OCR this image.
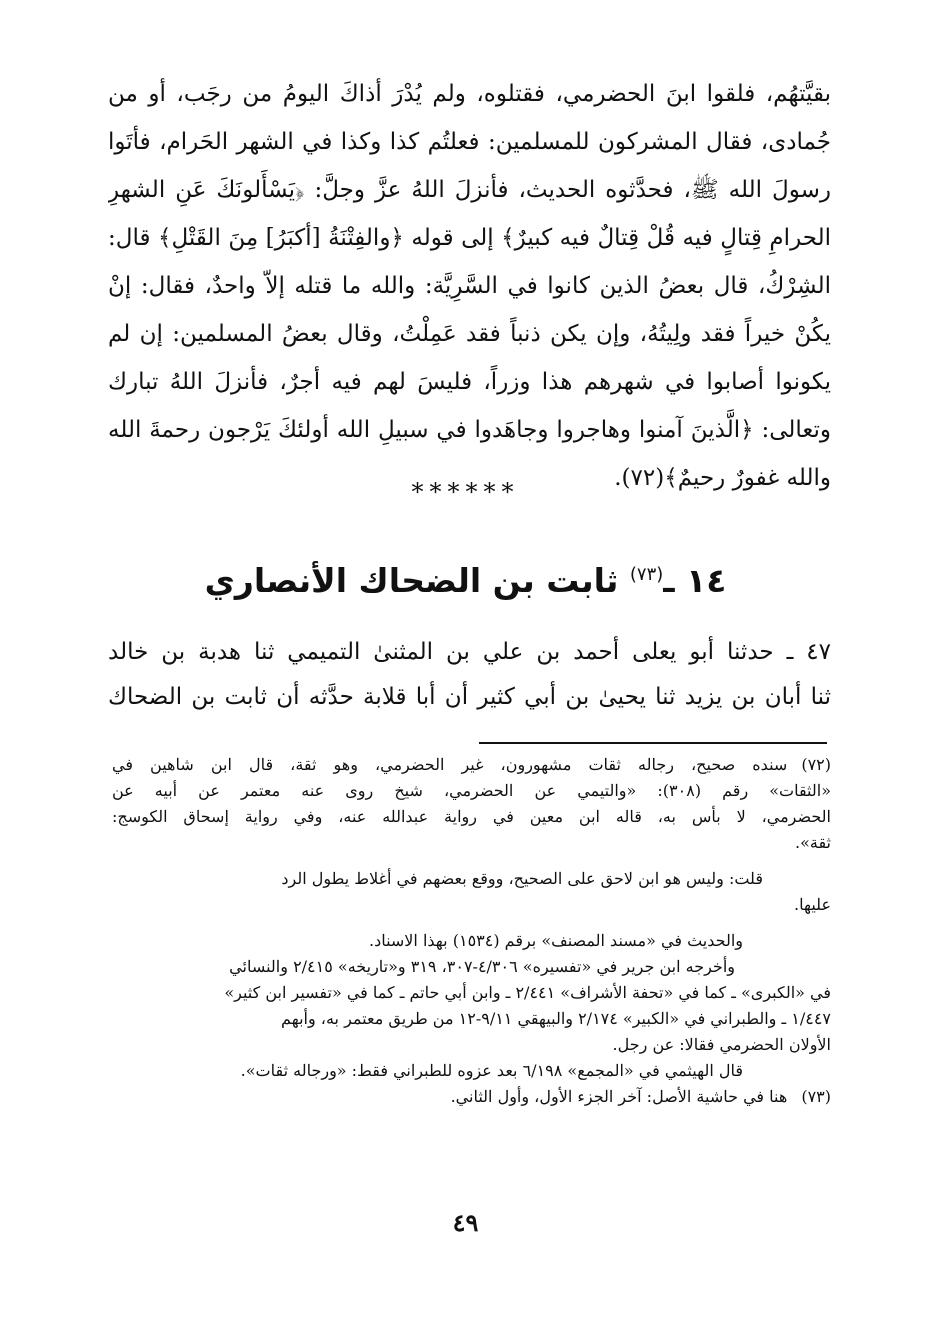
بقيَّتهُم، فلقوا ابنَ الحضرمي، فقتلوه، ولم يُدْرَ أذاكَ اليومُ من رجَب، أو من
جُمادى، فقال المشركون للمسلمين: فعلتُم كذا وكذا في الشهر الحَرام، فأتَوا
رسولَ الله ﷺ، فحدَّثوه الحديث، فأنزلَ اللهُ عزَّ وجلَّ: ﴿يَسْأَلونَكَ عَنِ الشهرِ
الحرامِ قِتالٍ فيه قُلْ قِتالٌ فيه كبيرٌ﴾ إلى قوله ﴿والفِتْنَةُ [أكبَرُ] مِنَ القَتْلِ﴾ قال:
الشِرْكُ، قال بعضُ الذين كانوا في السَّرِيَّة: والله ما قتله إلاّ واحدٌ، فقال: إنْ
يكُنْ خيراً فقد ولِيتُهُ، وإن يكن ذنباً فقد عَمِلْتُ، وقال بعضُ المسلمين: إن لم
يكونوا أصابوا في شهرهم هذا وزراً، فليسَ لهم فيه أجرٌ، فأنزلَ اللهُ تبارك
وتعالى: ﴿الَّذينَ آمنوا وهاجروا وجاهَدوا في سبيلِ الله أولئكَ يَرْجون رحمةَ الله
والله غفورٌ رحيمٌ﴾(٧٢).
******
١٤ ـ$^{(٧٣)}$ ثابت بن الضحاك الأنصاري
٤٧ ـ حدثنا أبو يعلى أحمد بن علي بن المثنىٰ التميمي ثنا هدبة بن خالد
ثنا أبان بن يزيد ثنا يحيىٰ بن أبي كثير أن أبا قلابة حدَّثه أن ثابت بن الضحاك
(٧٢)سنده صحيح، رجاله ثقات مشهورون، غير الحضرمي، وهو ثقة، قال ابن شاهين في
«الثقات» رقم (٣٠٨): «والتيمي عن الحضرمي، شيخ روى عنه معتمر عن أبيه عن
الحضرمي، لا بأس به، قاله ابن معين في رواية عبدالله عنه، وفي رواية إسحاق الكوسج:
ثقة».
قلت: وليس هو ابن لاحق على الصحيح، ووقع بعضهم في أغلاط يطول الرد
عليها.
والحديث في «مسند المصنف» برقم (١٥٣٤) بهذا الاسناد.
وأخرجه ابن جرير في «تفسيره» ٤/٣٠٦-٣٠٧، ٣١٩ و«تاريخه» ٢/٤١٥ والنسائي
في «الكبرى» ـ كما في «تحفة الأشراف» ٢/٤٤١ ـ وابن أبي حاتم ـ كما في «تفسير ابن كثير»
١/٤٤٧ ـ والطبراني في «الكبير» ٢/١٧٤ والبيهقي ٩/١١-١٢ من طريق معتمر به، وأبهم
الأولان الحضرمي فقالا: عن رجل.
قال الهيثمي في «المجمع» ٦/١٩٨ بعد عزوه للطبراني فقط: «ورجاله ثقات».
(٧٣)هنا في حاشية الأصل: آخر الجزء الأول، وأول الثاني.
٤٩
